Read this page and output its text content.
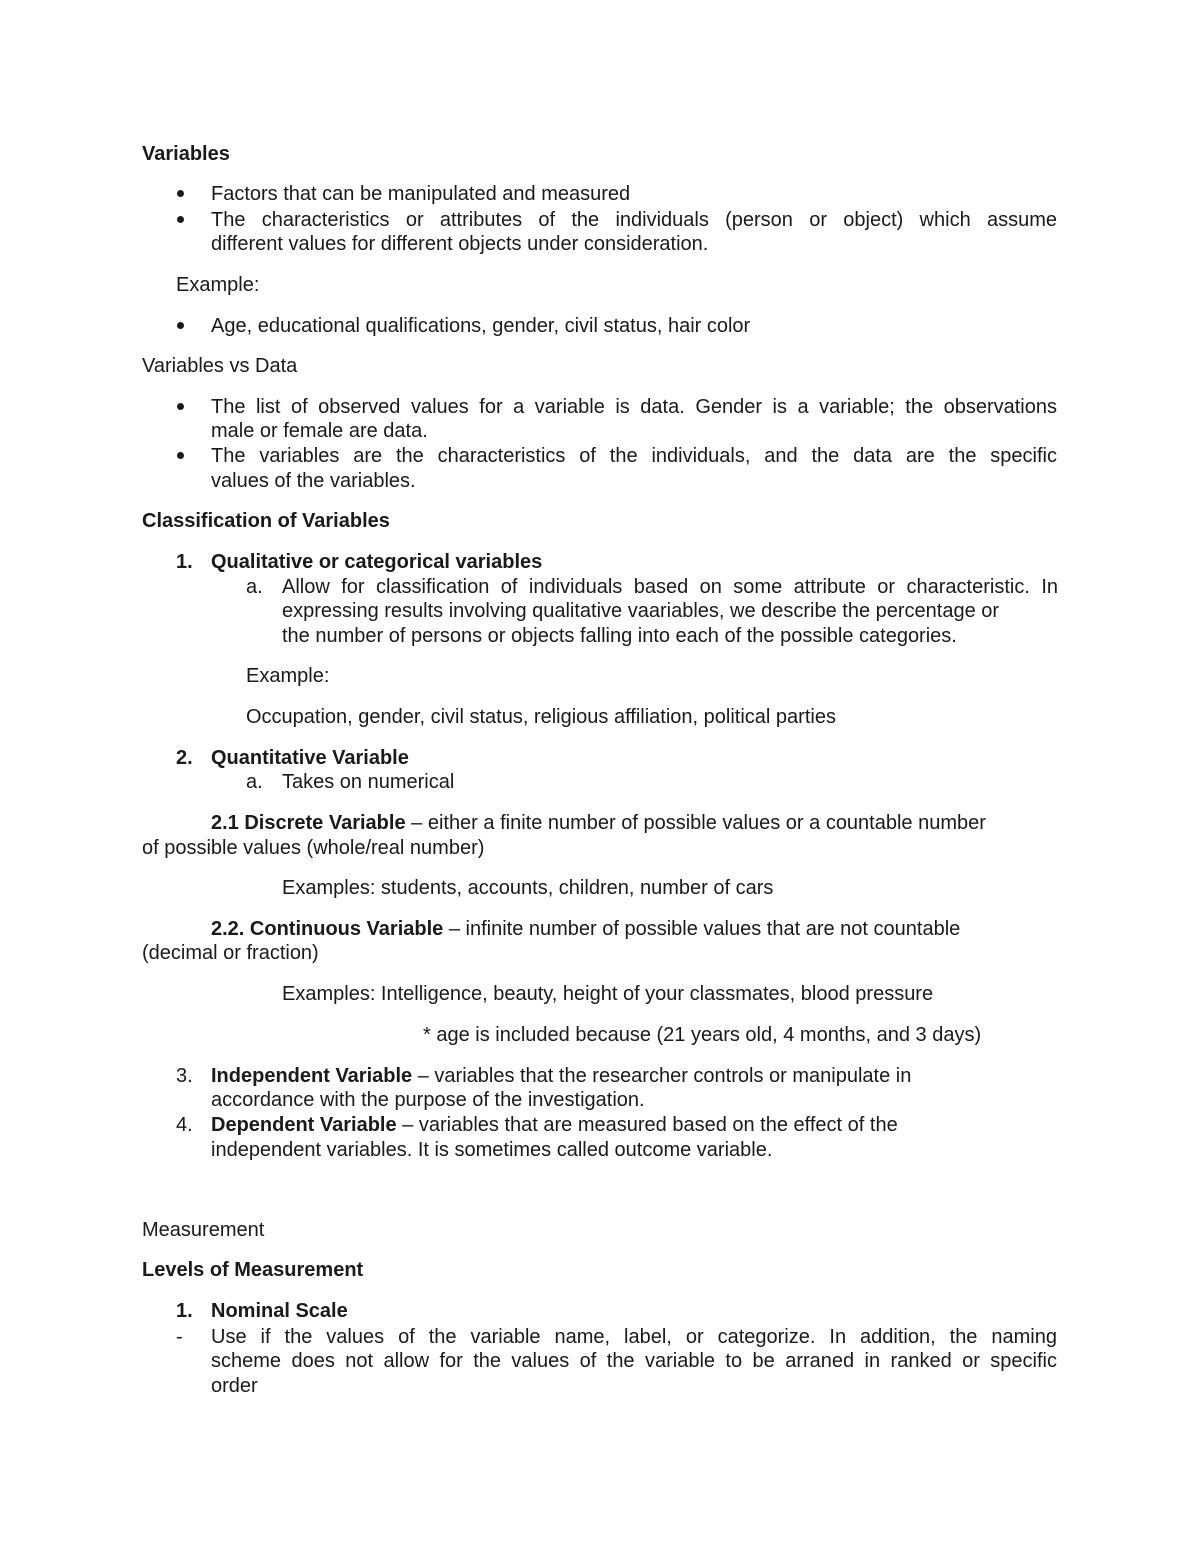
Variables
Factors that can be manipulated and measured
The characteristics or attributes of the individuals (person or object) which assume
different values for different objects under consideration.
Example:
Age, educational qualifications, gender, civil status, hair color
Variables vs Data
The list of observed values for a variable is data. Gender is a variable; the observations
male or female are data.
The variables are the characteristics of the individuals, and the data are the specific
values of the variables.
Classification of Variables
1. Qualitative or categorical variables
a. Allow for classification of individuals based on some attribute or characteristic. In
expressing results involving qualitative vaariables, we describe the percentage or
the number of persons or objects falling into each of the possible categories.
Example:
Occupation, gender, civil status, religious affiliation, political parties
2. Quantitative Variable
a. Takes on numerical
2.1 Discrete Variable – either a finite number of possible values or a countable number
of possible values (whole/real number)
Examples: students, accounts, children, number of cars
2.2. Continuous Variable – infinite number of possible values that are not countable
(decimal or fraction)
Examples: Intelligence, beauty, height of your classmates, blood pressure
* age is included because (21 years old, 4 months, and 3 days)
3. Independent Variable – variables that the researcher controls or manipulate in
accordance with the purpose of the investigation.
4. Dependent Variable – variables that are measured based on the effect of the
independent variables. It is sometimes called outcome variable.
Measurement
Levels of Measurement
1. Nominal Scale
- Use if the values of the variable name, label, or categorize. In addition, the naming
scheme does not allow for the values of the variable to be arraned in ranked or specific
order
